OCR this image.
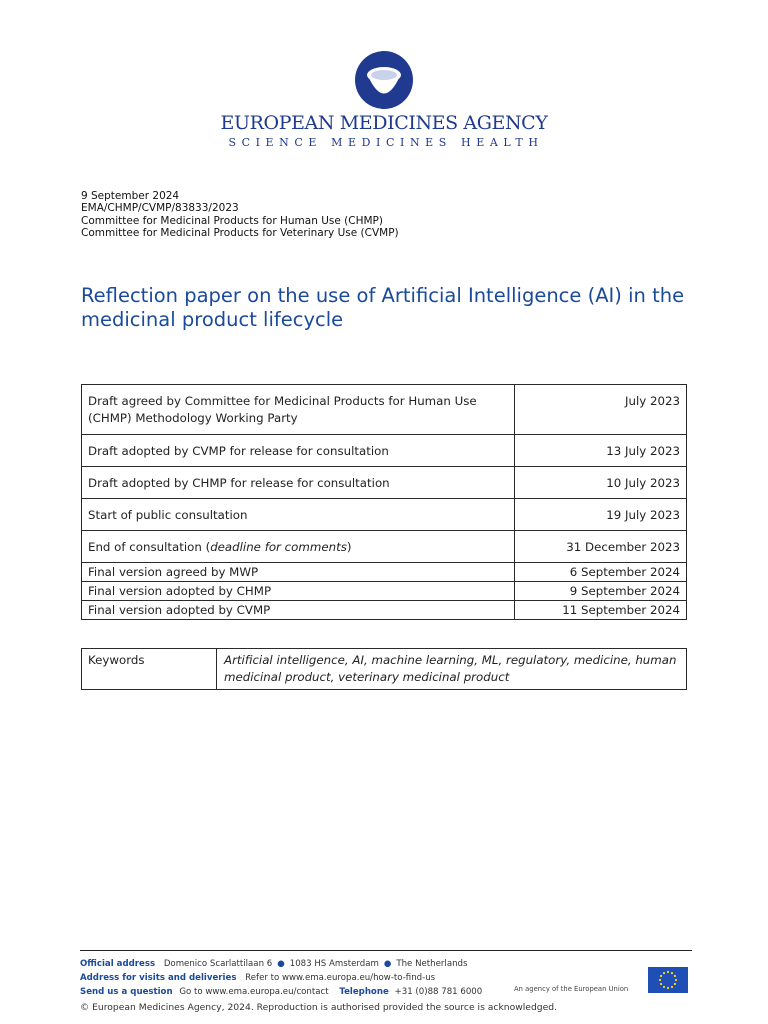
EUROPEAN MEDICINES AGENCY
SCIENCE MEDICINES HEALTH
9 September 2024
EMA/CHMP/CVMP/83833/2023
Committee for Medicinal Products for Human Use (CHMP)
Committee for Medicinal Products for Veterinary Use (CVMP)
Reflection paper on the use of Artificial Intelligence (AI) in the medicinal product lifecycle
Draft agreed by Committee for Medicinal Products for Human Use (CHMP) Methodology Working Party	July 2023
Draft adopted by CVMP for release for consultation	13 July 2023
Draft adopted by CHMP for release for consultation	10 July 2023
Start of public consultation	19 July 2023
End of consultation (deadline for comments)	31 December 2023
Final version agreed by MWP	6 September 2024
Final version adopted by CHMP	9 September 2024
Final version adopted by CVMP	11 September 2024
Keywords	Artificial intelligence, AI, machine learning, ML, regulatory, medicine, human medicinal product, veterinary medicinal product
Official address Domenico Scarlattilaan 6 ● 1083 HS Amsterdam ● The Netherlands
Address for visits and deliveries Refer to www.ema.europa.eu/how-to-find-us
Send us a question Go to www.ema.europa.eu/contact Telephone +31 (0)88 781 6000	An agency of the European Union
© European Medicines Agency, 2024. Reproduction is authorised provided the source is acknowledged.
